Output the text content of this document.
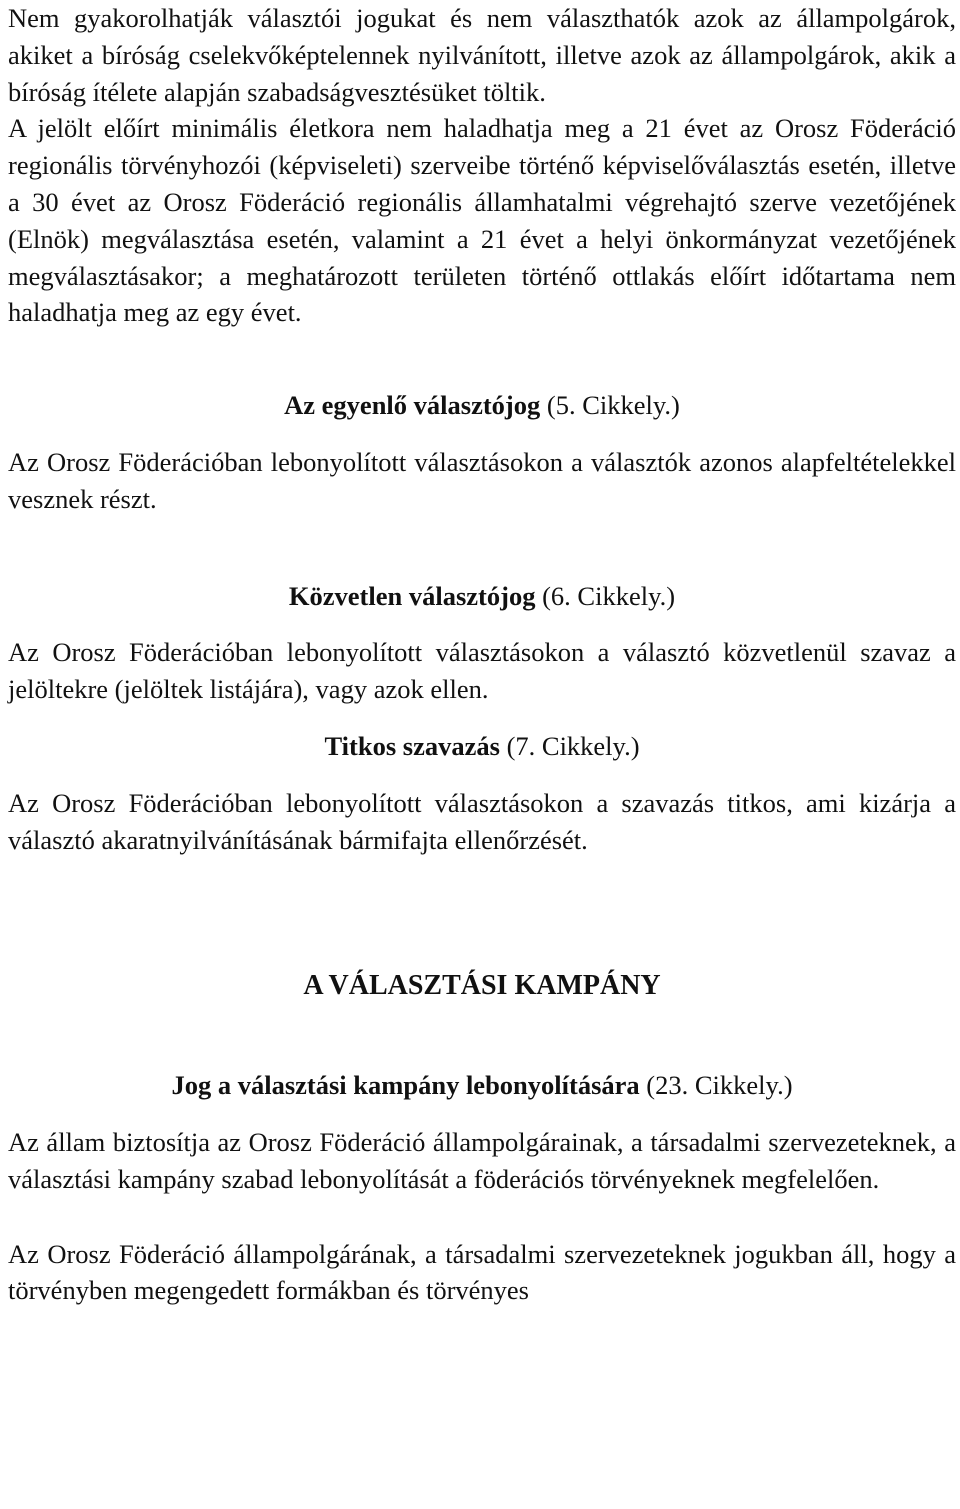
Nem gyakorolhatják választói jogukat és nem választhatók azok az állampolgárok, akiket a bíróság cselekvőképtelennek nyilvánított, illetve azok az állampolgárok, akik a bíróság ítélete alapján szabadságvesztésüket töltik.

A jelölt előírt minimális életkora nem haladhatja meg a 21 évet az Orosz Föderáció regionális törvényhozói (képviseleti) szerveibe történő képviselőválasztás esetén, illetve a 30 évet az Orosz Föderáció regionális államhatalmi végrehajtó szerve vezetőjének (Elnök) megválasztása esetén, valamint a 21 évet a helyi önkormányzat vezetőjének megválasztásakor; a meghatározott területen történő ottlakás előírt időtartama nem haladhatja meg az egy évet.

Az egyenlő választójog (5. Cikkely.)

Az Orosz Föderációban lebonyolított választásokon a választók azonos alapfeltételekkel vesznek részt.

Közvetlen választójog (6. Cikkely.)

Az Orosz Föderációban lebonyolított választásokon a választó közvetlenül szavaz a jelöltekre (jelöltek listájára), vagy azok ellen.

Titkos szavazás (7. Cikkely.)

Az Orosz Föderációban lebonyolított választásokon a szavazás titkos, ami kizárja a választó akaratnyilvánításának bármifajta ellenőrzését.

A VÁLASZTÁSI KAMPÁNY

Jog a választási kampány lebonyolítására (23. Cikkely.)

Az állam biztosítja az Orosz Föderáció állampolgárainak, a társadalmi szervezeteknek, a választási kampány szabad lebonyolítását a föderációs törvényeknek megfelelően.

Az Orosz Föderáció állampolgárának, a társadalmi szervezeteknek jogukban áll, hogy a törvényben megengedett formákban és törvényes
